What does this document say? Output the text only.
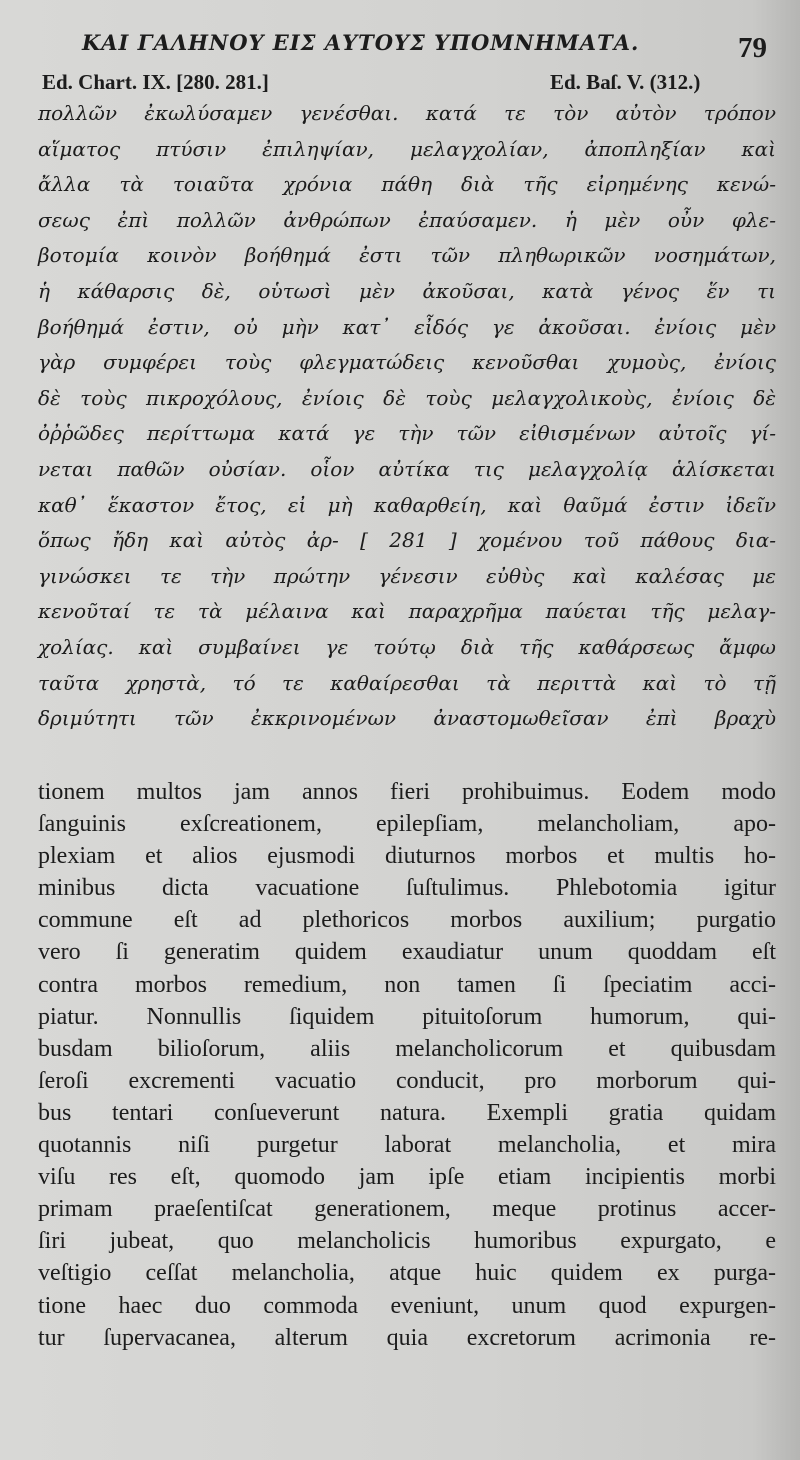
ΚΑΙ ΓΑΛΗΝΟΥ ΕΙΣ ΑΥΤΟΥΣ ΥΠΟΜΝΗΜΑΤΑ.	79
Ed. Chart. IX. [280. 281.]	Ed. Baſ. V. (312.)
πολλῶν ἐκωλύσαμεν γενέσθαι. κατά τε τὸν αὐτὸν τρόπον
αἵματος πτύσιν ἐπιληψίαν, μελαγχολίαν, ἀποπληξίαν καὶ
ἄλλα τὰ τοιαῦτα χρόνια πάθη διὰ τῆς εἰρημένης κενώ-
σεως ἐπὶ πολλῶν ἀνθρώπων ἐπαύσαμεν. ἡ μὲν οὖν φλε-
βοτομία κοινὸν βοήθημά ἐστι τῶν πληθωρικῶν νοσημάτων,
ἡ κάθαρσις δὲ, οὑτωσὶ μὲν ἀκοῦσαι, κατὰ γένος ἕν τι
βοήθημά ἐστιν, οὐ μὴν κατ᾽ εἶδός γε ἀκοῦσαι. ἐνίοις μὲν
γὰρ συμφέρει τοὺς φλεγματώδεις κενοῦσθαι χυμοὺς, ἐνίοις
δὲ τοὺς πικροχόλους, ἐνίοις δὲ τοὺς μελαγχολικοὺς, ἐνίοις δὲ
ὀῤῥῶδες περίττωμα κατά γε τὴν τῶν εἰθισμένων αὐτοῖς γί-
νεται παθῶν οὐσίαν. οἷον αὐτίκα τις μελαγχολίᾳ ἁλίσκεται
καθ᾽ ἕκαστον ἔτος, εἰ μὴ καθαρθείη, καὶ θαῦμά ἐστιν ἰδεῖν
ὅπως ἤδη καὶ αὐτὸς ἀρ- [ 281 ] χομένου τοῦ πάθους δια-
γινώσκει τε τὴν πρώτην γένεσιν εὐθὺς καὶ καλέσας με
κενοῦταί τε τὰ μέλαινα καὶ παραχρῆμα παύεται τῆς μελαγ-
χολίας. καὶ συμβαίνει γε τούτῳ διὰ τῆς καθάρσεως ἄμφω
ταῦτα χρηστὰ, τό τε καθαίρεσθαι τὰ περιττὰ καὶ τὸ τῇ
δριμύτητι τῶν ἐκκρινομένων ἀναστομωθεῖσαν ἐπὶ βραχὺ
tionem multos jam annos fieri prohibuimus. Eodem modo
ſanguinis exſcreationem, epilepſiam, melancholiam, apo-
plexiam et alios ejusmodi diuturnos morbos et multis ho-
minibus dicta vacuatione ſuſtulimus. Phlebotomia igitur
commune eſt ad plethoricos morbos auxilium; purgatio
vero ſi generatim quidem exaudiatur unum quoddam eſt
contra morbos remedium, non tamen ſi ſpeciatim acci-
piatur. Nonnullis ſiquidem pituitoſorum humorum, qui-
busdam bilioſorum, aliis melancholicorum et quibusdam
ſeroſi excrementi vacuatio conducit, pro morborum qui-
bus tentari conſueverunt natura. Exempli gratia quidam
quotannis niſi purgetur laborat melancholia, et mira
viſu res eſt, quomodo jam ipſe etiam incipientis morbi
primam praeſentiſcat generationem, meque protinus accer-
ſiri jubeat, quo melancholicis humoribus expurgato, e
veſtigio ceſſat melancholia, atque huic quidem ex purga-
tione haec duo commoda eveniunt, unum quod expurgen-
tur ſupervacanea, alterum quia excretorum acrimonia re-
